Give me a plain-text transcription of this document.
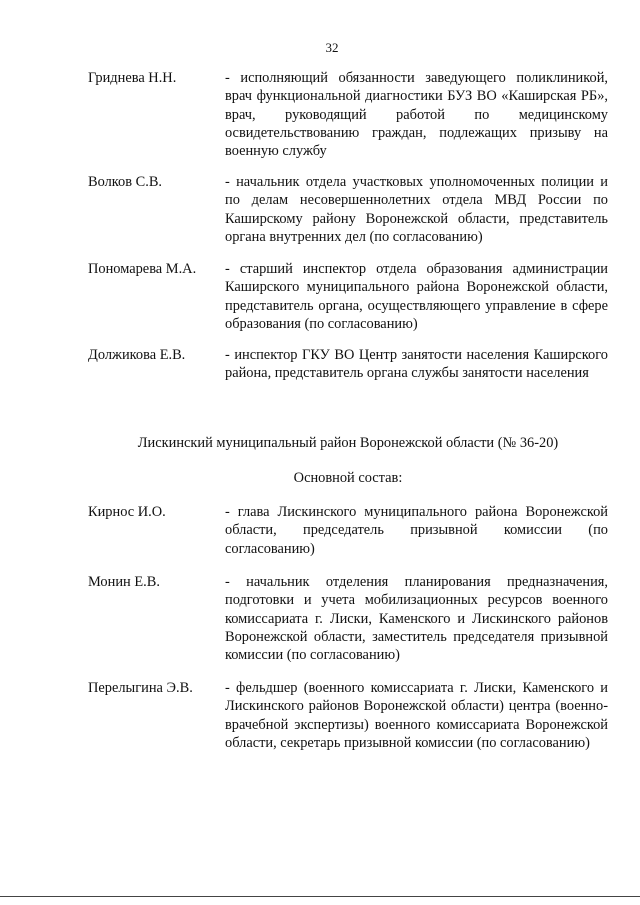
32
Гриднева Н.Н.	- исполняющий обязанности заведующего поликлиникой, врач функциональной диагностики БУЗ ВО «Каширская РБ», врач, руководящий работой по медицинскому освидетельствованию граждан, подлежащих призыву на военную службу
Волков С.В.	- начальник отдела участковых уполномоченных полиции и по делам несовершеннолетних отдела МВД России по Каширскому району Воронежской области, представитель органа внутренних дел (по согласованию)
Пономарева М.А.	- старший инспектор отдела образования администрации Каширского муниципального района Воронежской области, представитель органа, осуществляющего управление в сфере образования (по согласованию)
Должикова Е.В.	- инспектор ГКУ ВО Центр занятости населения Каширского района, представитель органа службы занятости населения
Лискинский муниципальный район Воронежской области (№ 36-20)
Основной состав:
Кирнос И.О.	- глава Лискинского муниципального района Воронежской области, председатель призывной комиссии (по согласованию)
Монин Е.В.	- начальник отделения планирования предназначения, подготовки и учета мобилизационных ресурсов военного комиссариата г. Лиски, Каменского и Лискинского районов Воронежской области, заместитель председателя призывной комиссии (по согласованию)
Перелыгина Э.В.	- фельдшер (военного комиссариата г. Лиски, Каменского и Лискинского районов Воронежской области) центра (военно-врачебной экспертизы) военного комиссариата Воронежской области, секретарь призывной комиссии (по согласованию)
